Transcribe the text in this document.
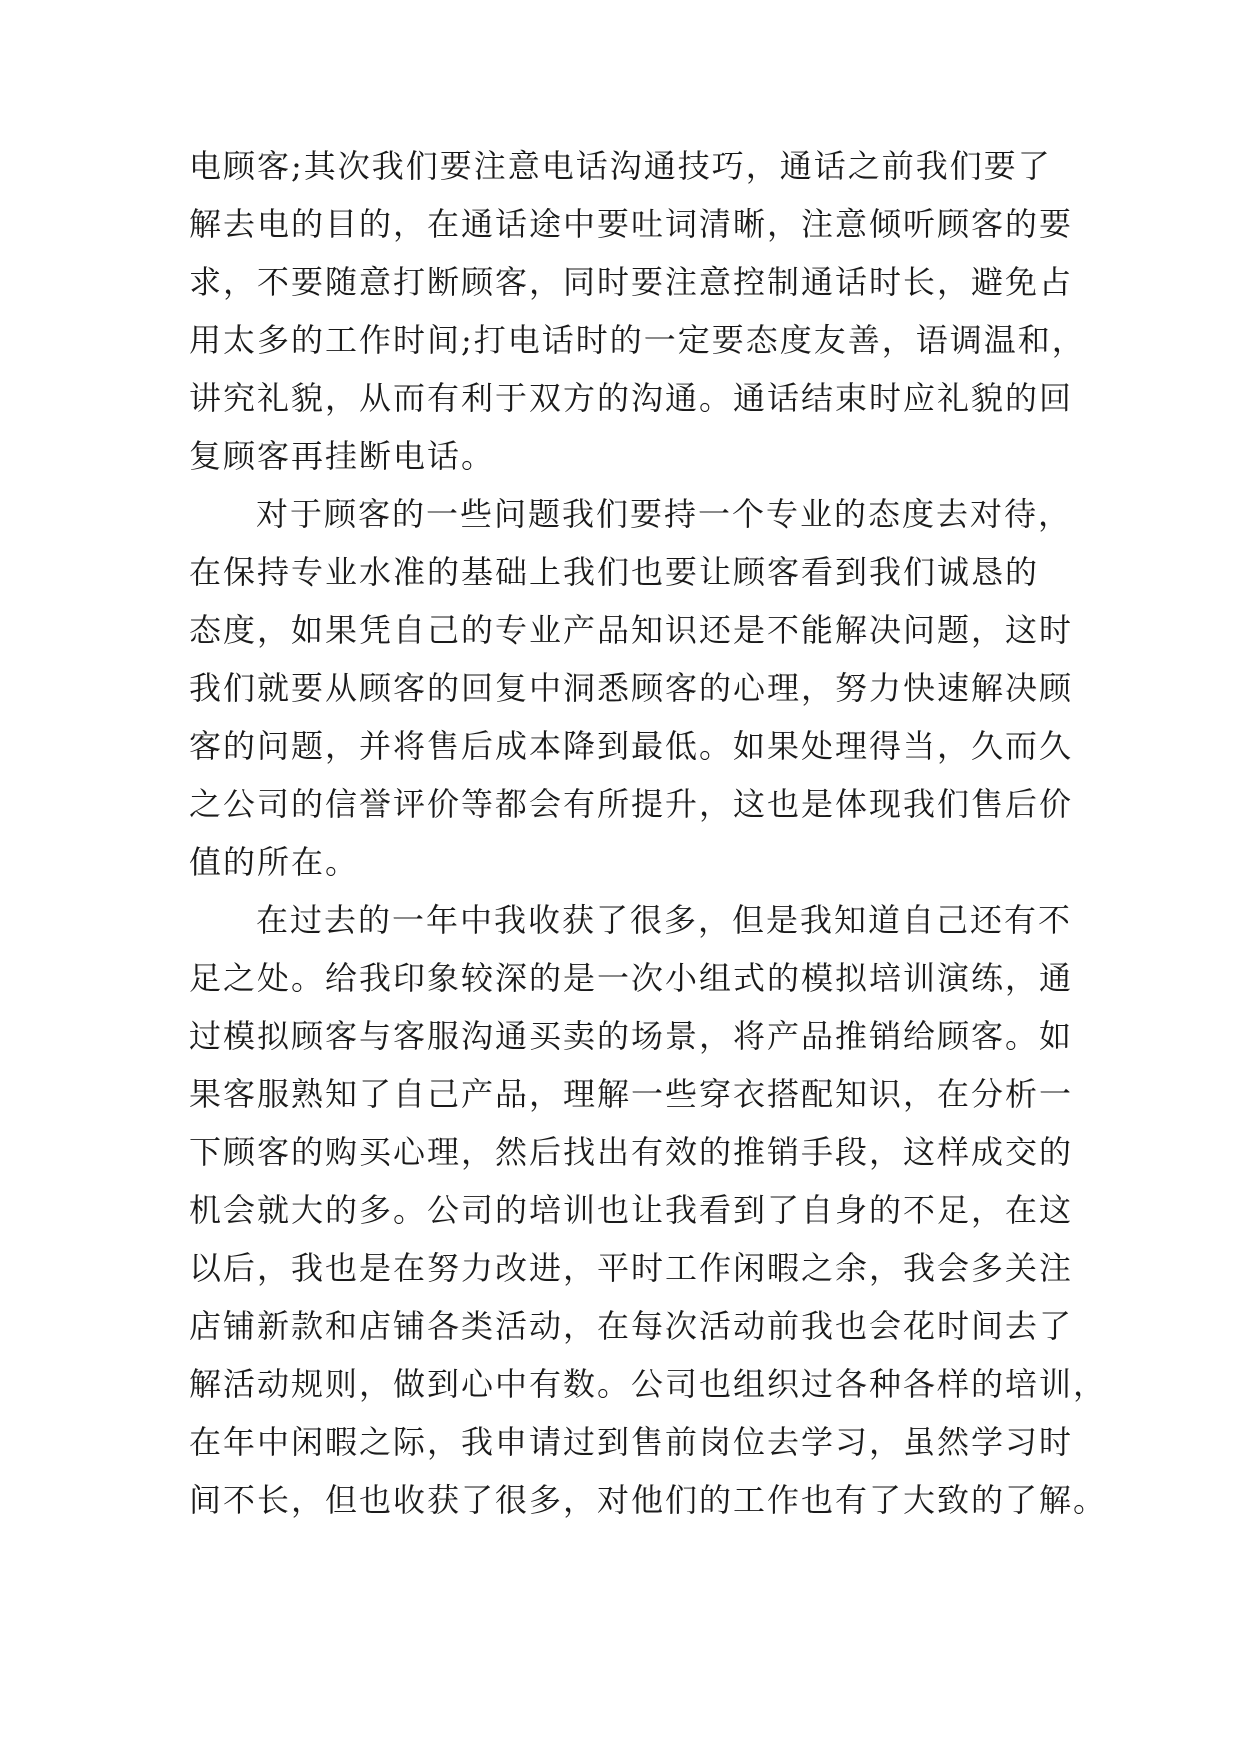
电顾客;其次我们要注意电话沟通技巧，通话之前我们要了
解去电的目的，在通话途中要吐词清晰，注意倾听顾客的要
求，不要随意打断顾客，同时要注意控制通话时长，避免占
用太多的工作时间;打电话时的一定要态度友善，语调温和，
讲究礼貌，从而有利于双方的沟通。通话结束时应礼貌的回
复顾客再挂断电话。
对于顾客的一些问题我们要持一个专业的态度去对待，
在保持专业水准的基础上我们也要让顾客看到我们诚恳的
态度，如果凭自己的专业产品知识还是不能解决问题，这时
我们就要从顾客的回复中洞悉顾客的心理，努力快速解决顾
客的问题，并将售后成本降到最低。如果处理得当，久而久
之公司的信誉评价等都会有所提升，这也是体现我们售后价
值的所在。
在过去的一年中我收获了很多，但是我知道自己还有不
足之处。给我印象较深的是一次小组式的模拟培训演练，通
过模拟顾客与客服沟通买卖的场景，将产品推销给顾客。如
果客服熟知了自己产品，理解一些穿衣搭配知识，在分析一
下顾客的购买心理，然后找出有效的推销手段，这样成交的
机会就大的多。公司的培训也让我看到了自身的不足，在这
以后，我也是在努力改进，平时工作闲暇之余，我会多关注
店铺新款和店铺各类活动，在每次活动前我也会花时间去了
解活动规则，做到心中有数。公司也组织过各种各样的培训，
在年中闲暇之际，我申请过到售前岗位去学习，虽然学习时
间不长，但也收获了很多，对他们的工作也有了大致的了解。
